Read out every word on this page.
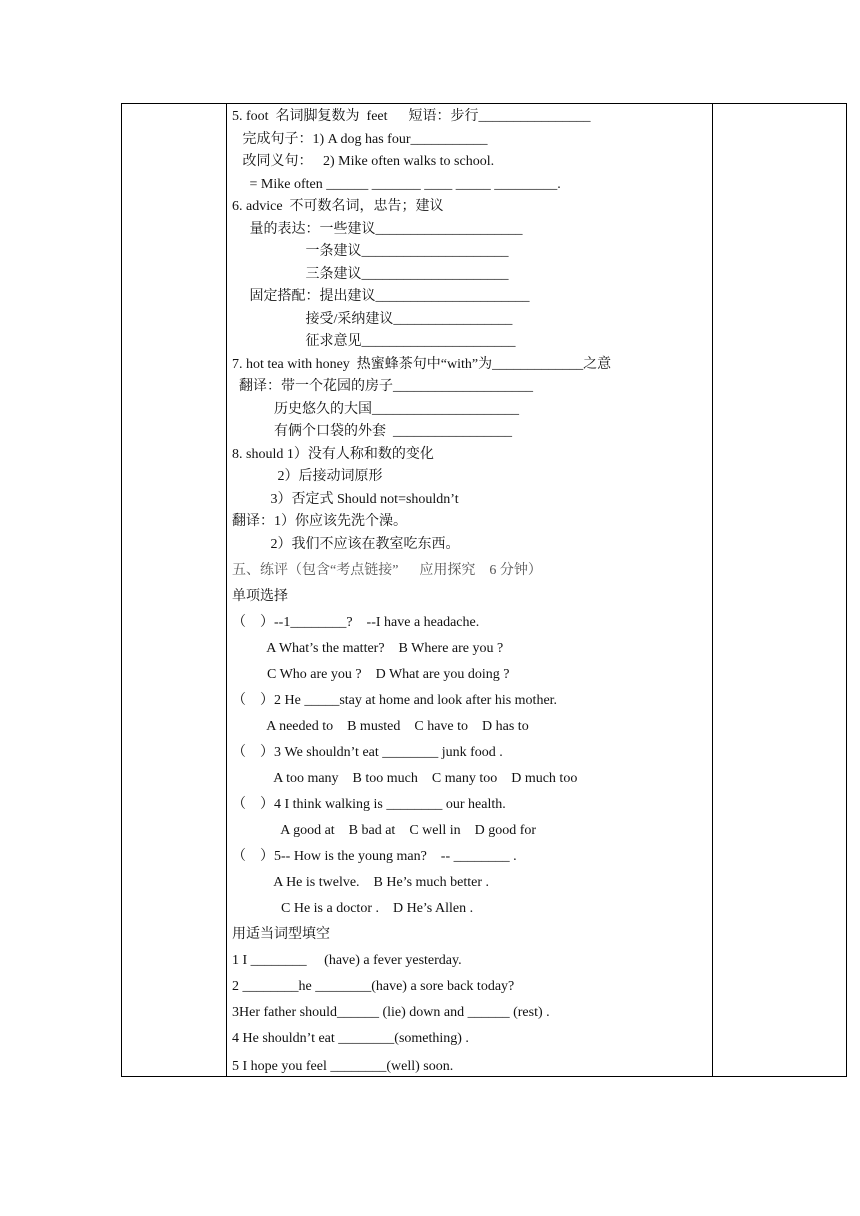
5. foot  名词脚复数为  feet      短语：步行________________
完成句子：1) A dog has four___________
改同义句：   2) Mike often walks to school.
= Mike often ______ _______ ____ _____ _________.
6. advice  不可数名词，忠告；建议
量的表达：一些建议_____________________
一条建议_____________________
三条建议_____________________
固定搭配：提出建议______________________
接受/采纳建议_________________
征求意见______________________
7. hot tea with honey  热蜜蜂茶句中“with”为_____________之意
翻译：带一个花园的房子____________________
历史悠久的大国_____________________
有俩个口袋的外套  _________________
8. should 1）没有人称和数的变化
2）后接动词原形
3）否定式 Should not=shouldn’t
翻译：1）你应该先洗个澡。
2）我们不应该在教室吃东西。
五、练评（包含“考点链接”      应用探究    6 分钟）
单项选择
（    ）--1________?    --I have a headache.
A What’s the matter?    B Where are you ?
C Who are you ?    D What are you doing ?
（    ）2 He _____stay at home and look after his mother.
A needed to    B musted    C have to    D has to
（    ）3 We shouldn’t eat ________ junk food .
A too many    B too much    C many too    D much too
（    ）4 I think walking is ________ our health.
A good at    B bad at    C well in    D good for
（    ）5-- How is the young man?    -- ________ .
A He is twelve.    B He’s much better .
C He is a doctor .    D He’s Allen .
用适当词型填空
1 I ________     (have) a fever yesterday.
2 ________he ________(have) a sore back today?
3Her father should______ (lie) down and ______ (rest) .
4 He shouldn’t eat ________(something) .
5 I hope you feel ________(well) soon.
